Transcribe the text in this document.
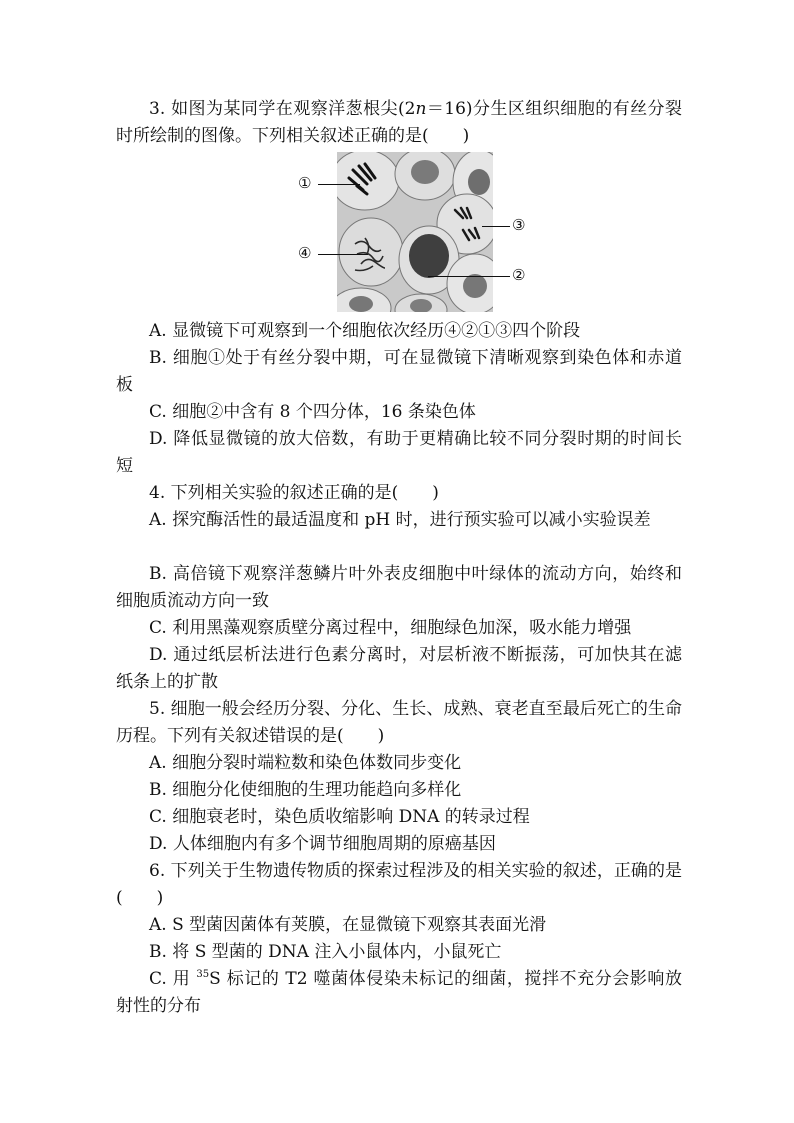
3. 如图为某同学在观察洋葱根尖(2n＝16)分生区组织细胞的有丝分裂时所绘制的图像。下列相关叙述正确的是(　　)

①
④
③
②

A. 显微镜下可观察到一个细胞依次经历④②①③四个阶段

B. 细胞①处于有丝分裂中期，可在显微镜下清晰观察到染色体和赤道板

C. 细胞②中含有 8 个四分体，16 条染色体

D. 降低显微镜的放大倍数，有助于更精确比较不同分裂时期的时间长短

4. 下列相关实验的叙述正确的是(　　)

A. 探究酶活性的最适温度和 pH 时，进行预实验可以减小实验误差

B. 高倍镜下观察洋葱鳞片叶外表皮细胞中叶绿体的流动方向，始终和细胞质流动方向一致

C. 利用黑藻观察质壁分离过程中，细胞绿色加深，吸水能力增强

D. 通过纸层析法进行色素分离时，对层析液不断振荡，可加快其在滤纸条上的扩散

5. 细胞一般会经历分裂、分化、生长、成熟、衰老直至最后死亡的生命历程。下列有关叙述错误的是(　　)

A. 细胞分裂时端粒数和染色体数同步变化

B. 细胞分化使细胞的生理功能趋向多样化

C. 细胞衰老时，染色质收缩影响 DNA 的转录过程

D. 人体细胞内有多个调节细胞周期的原癌基因

6. 下列关于生物遗传物质的探索过程涉及的相关实验的叙述，正确的是(　　)

A. S 型菌因菌体有荚膜，在显微镜下观察其表面光滑

B. 将 S 型菌的 DNA 注入小鼠体内，小鼠死亡

C. 用 $^{35}$S 标记的 T2 噬菌体侵染未标记的细菌，搅拌不充分会影响放射性的分布
